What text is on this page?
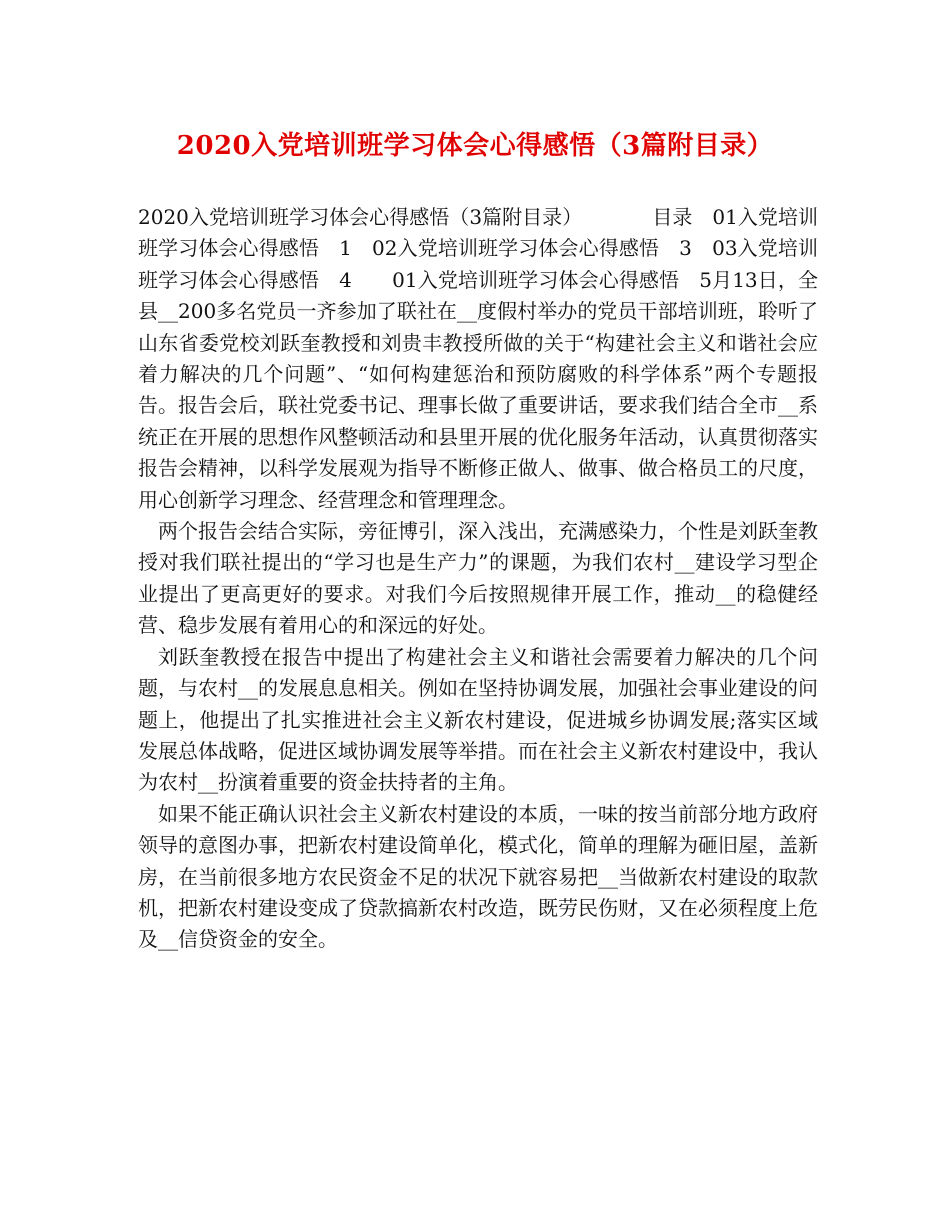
2020入党培训班学习体会心得感悟（3篇附目录）

2020入党培训班学习体会心得感悟（3篇附目录）　　　　目录　01入党培训班学习体会心得感悟　1　02入党培训班学习体会心得感悟　3　03入党培训班学习体会心得感悟　4　　01入党培训班学习体会心得感悟　5月13日，全县__200多名党员一齐参加了联社在__度假村举办的党员干部培训班，聆听了山东省委党校刘跃奎教授和刘贵丰教授所做的关于“构建社会主义和谐社会应着力解决的几个问题”、“如何构建惩治和预防腐败的科学体系”两个专题报告。报告会后，联社党委书记、理事长做了重要讲话，要求我们结合全市__系统正在开展的思想作风整顿活动和县里开展的优化服务年活动，认真贯彻落实报告会精神，以科学发展观为指导不断修正做人、做事、做合格员工的尺度，用心创新学习理念、经营理念和管理理念。

两个报告会结合实际，旁征博引，深入浅出，充满感染力，个性是刘跃奎教授对我们联社提出的“学习也是生产力”的课题，为我们农村__建设学习型企业提出了更高更好的要求。对我们今后按照规律开展工作，推动__的稳健经营、稳步发展有着用心的和深远的好处。

刘跃奎教授在报告中提出了构建社会主义和谐社会需要着力解决的几个问题，与农村__的发展息息相关。例如在坚持协调发展，加强社会事业建设的问题上，他提出了扎实推进社会主义新农村建设，促进城乡协调发展;落实区域发展总体战略，促进区域协调发展等举措。而在社会主义新农村建设中，我认为农村__扮演着重要的资金扶持者的主角。

如果不能正确认识社会主义新农村建设的本质，一味的按当前部分地方政府领导的意图办事，把新农村建设简单化，模式化，简单的理解为砸旧屋，盖新房，在当前很多地方农民资金不足的状况下就容易把__当做新农村建设的取款机，把新农村建设变成了贷款搞新农村改造，既劳民伤财，又在必须程度上危及__信贷资金的安全。
